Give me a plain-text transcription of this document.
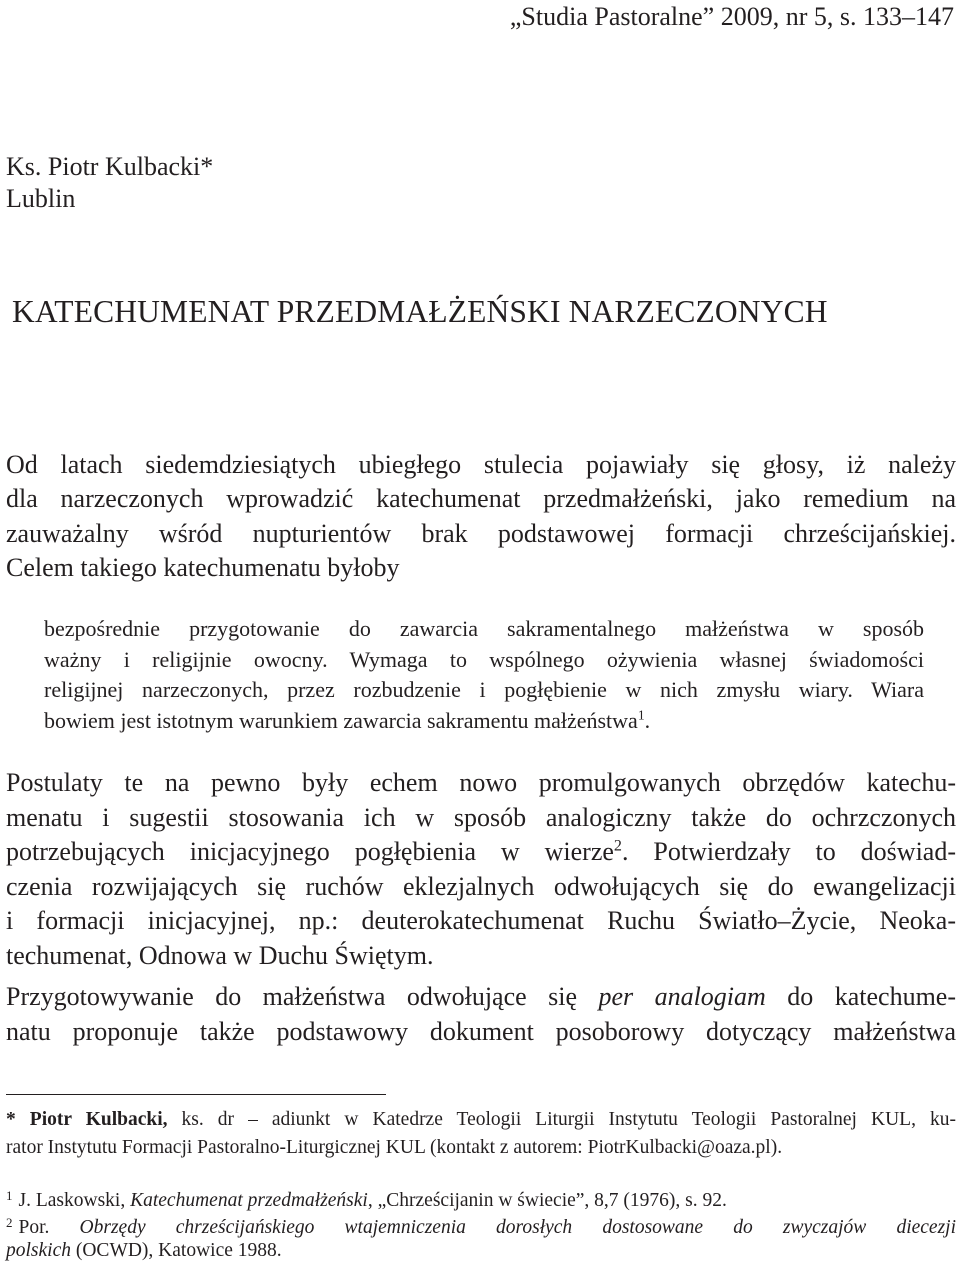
„Studia Pastoralne” 2009, nr 5, s. 133–147
Ks. Piotr Kulbacki*
Lublin
KATECHUMENAT PRZEDMAŁŻEŃSKI NARZECZONYCH
Od latach siedemdziesiątych ubiegłego stulecia pojawiały się głosy, iż należy
dla narzeczonych wprowadzić katechumenat przedmałżeński, jako remedium na
zauważalny wśród nupturientów brak podstawowej formacji chrześcijańskiej.
Celem takiego katechumenatu byłoby
bezpośrednie przygotowanie do zawarcia sakramentalnego małżeństwa w sposób
ważny i religijnie owocny. Wymaga to wspólnego ożywienia własnej świadomości
religijnej narzeczonych, przez rozbudzenie i pogłębienie w nich zmysłu wiary. Wiara
bowiem jest istotnym warunkiem zawarcia sakramentu małżeństwa$^1$.
Postulaty te na pewno były echem nowo promulgowanych obrzędów katechu-
menatu i sugestii stosowania ich w sposób analogiczny także do ochrzczonych
potrzebujących inicjacyjnego pogłębienia w wierze$^2$. Potwierdzały to doświad-
czenia rozwijających się ruchów eklezjalnych odwołujących się do ewangelizacji
i formacji inicjacyjnej, np.: deuterokatechumenat Ruchu Światło–Życie, Neoka-
techumenat, Odnowa w Duchu Świętym.
Przygotowywanie do małżeństwa odwołujące się per analogiam do katechume-
natu proponuje także podstawowy dokument posoborowy dotyczący małżeństwa
* Piotr Kulbacki, ks. dr – adiunkt w Katedrze Teologii Liturgii Instytutu Teologii Pastoralnej KUL, ku-
rator Instytutu Formacji Pastoralno-Liturgicznej KUL (kontakt z autorem: PiotrKulbacki@oaza.pl).
$^1$ J. Laskowski, Katechumenat przedmałżeński, „Chrześcijanin w świecie”, 8,7 (1976), s. 92.
$^2$ Por. Obrzędy chrześcijańskiego wtajemniczenia dorosłych dostosowane do zwyczajów diecezji
polskich (OCWD), Katowice 1988.
